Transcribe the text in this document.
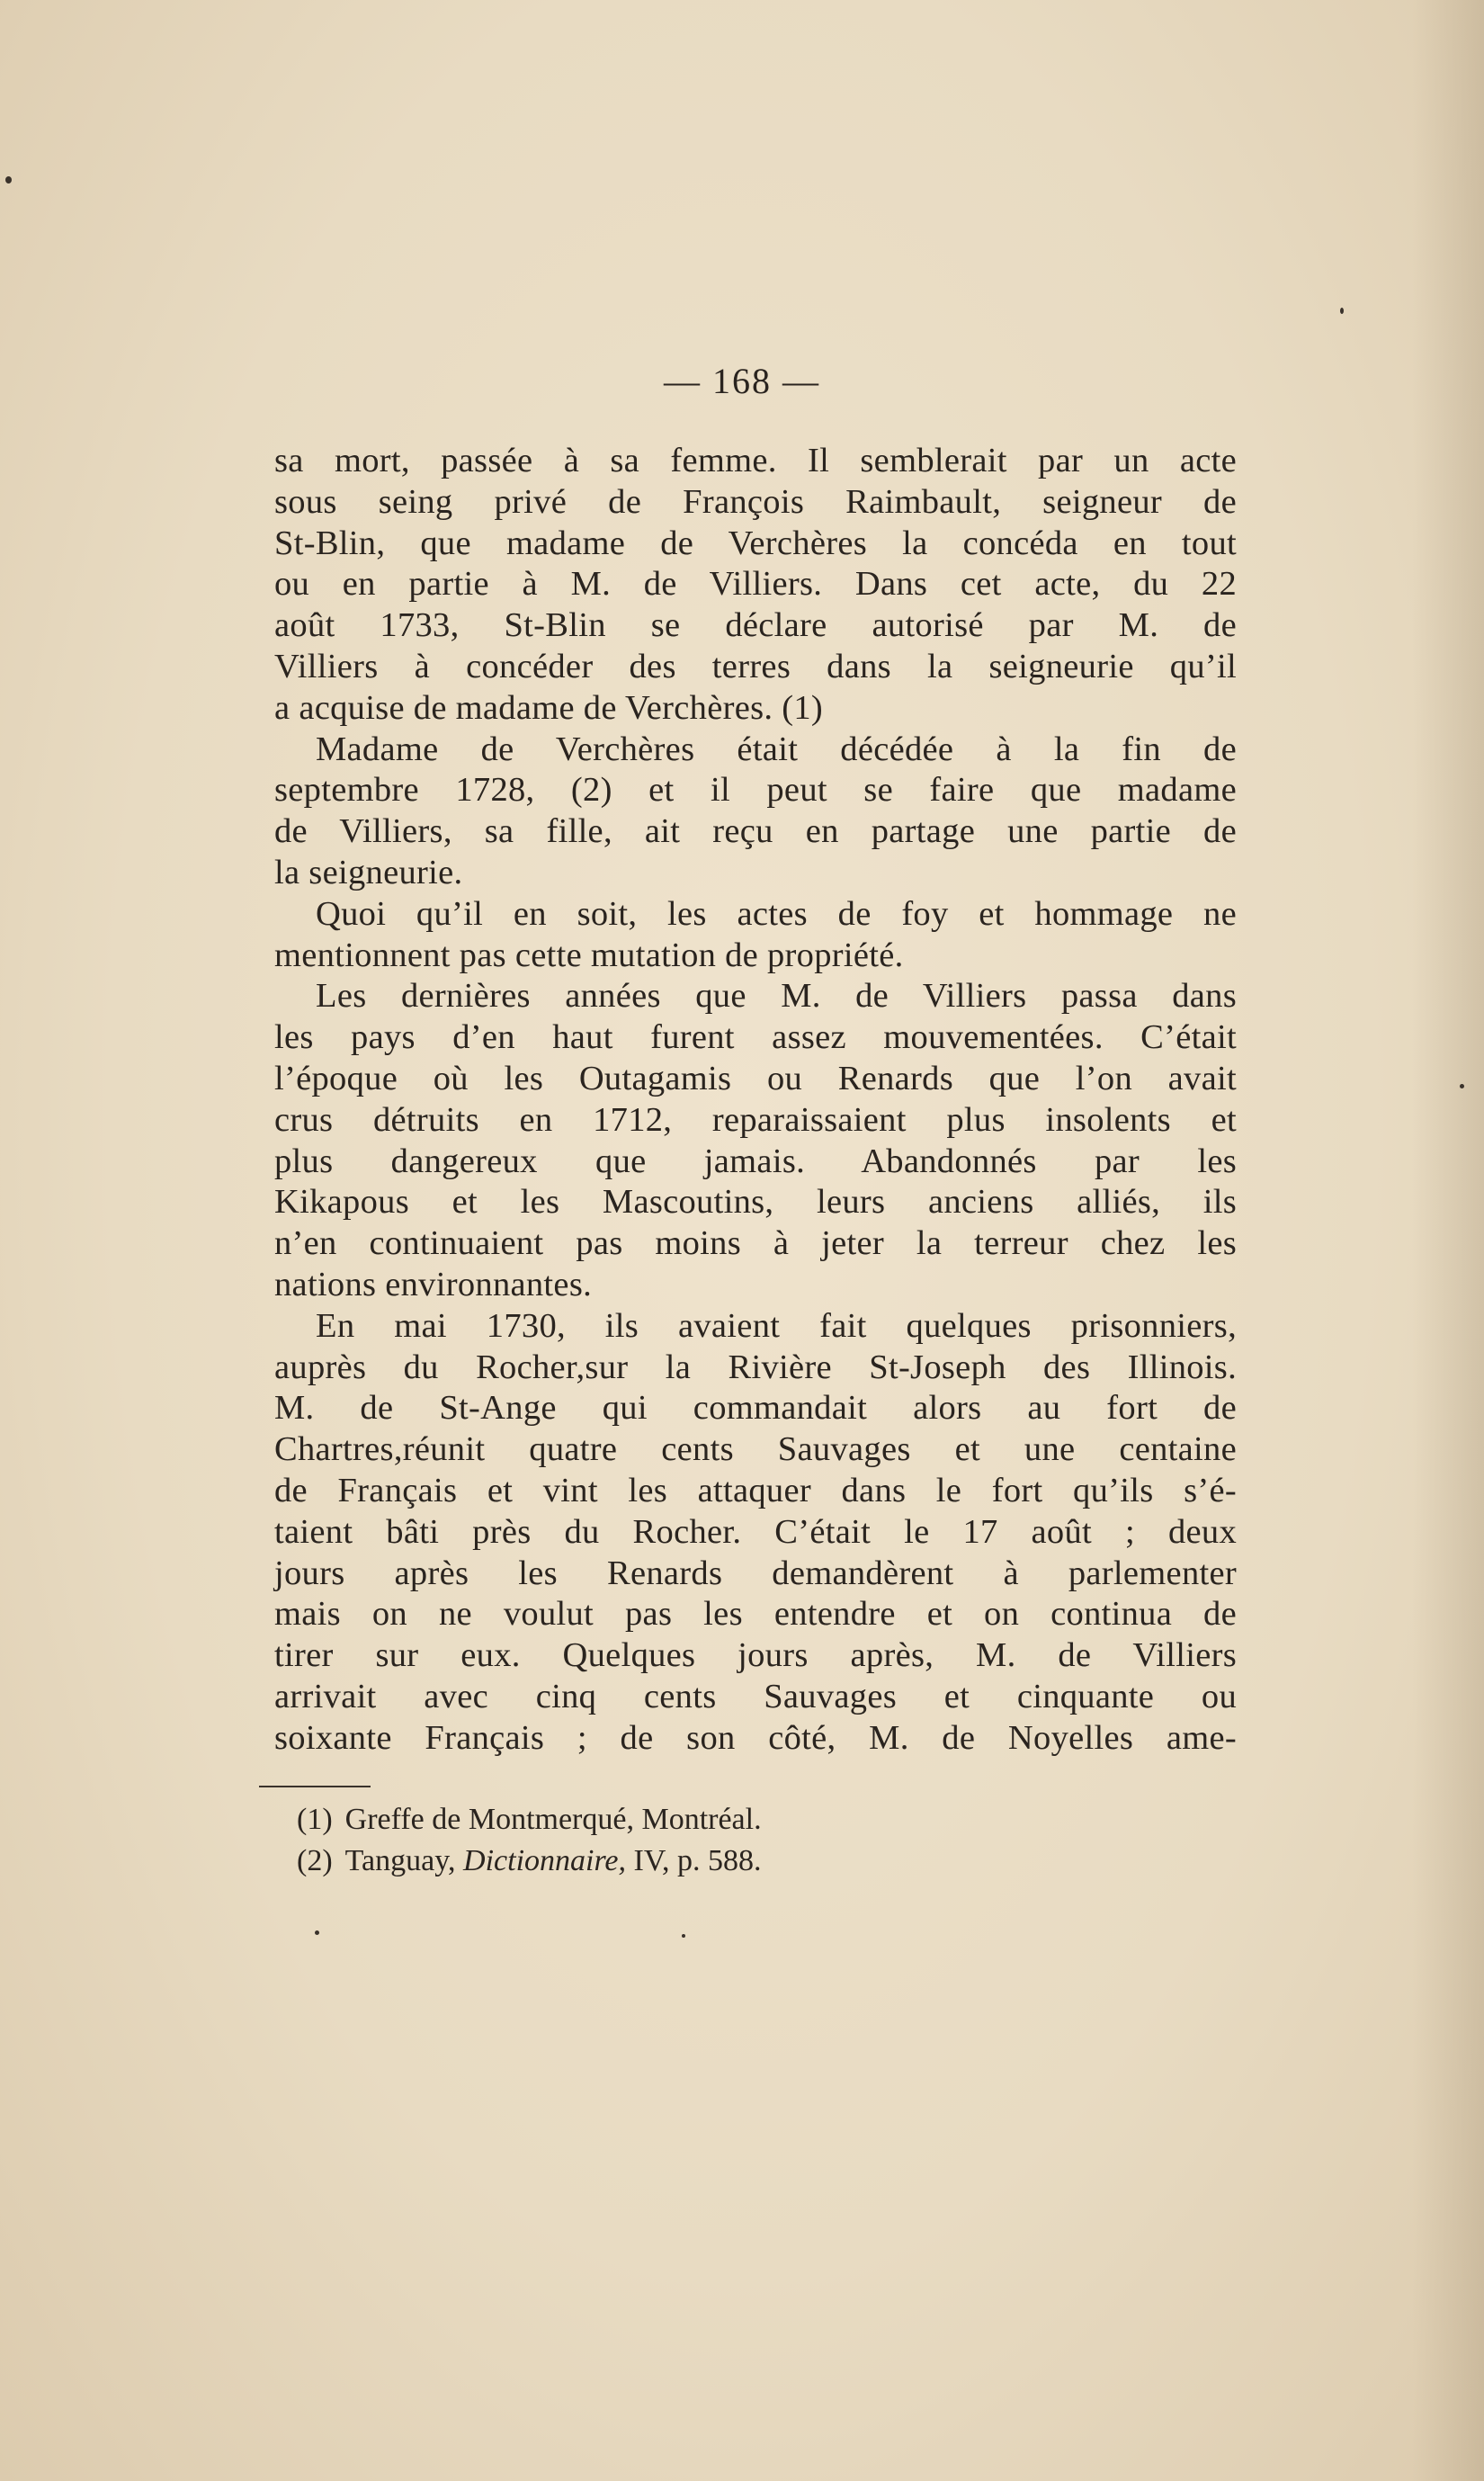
— 168 —
sa mort, passée à sa femme. Il semblerait par un acte
sous seing privé de François Raimbault, seigneur de
St-Blin, que madame de Verchères la concéda en tout
ou en partie à M. de Villiers. Dans cet acte, du 22
août 1733, St-Blin se déclare autorisé par M. de
Villiers à concéder des terres dans la seigneurie qu’il
a acquise de madame de Verchères. (1)
Madame de Verchères était décédée à la fin de
septembre 1728, (2) et il peut se faire que madame
de Villiers, sa fille, ait reçu en partage une partie de
la seigneurie.
Quoi qu’il en soit, les actes de foy et hommage ne
mentionnent pas cette mutation de propriété.
Les dernières années que M. de Villiers passa dans
les pays d’en haut furent assez mouvementées. C’était
l’époque où les Outagamis ou Renards que l’on avait
crus détruits en 1712, reparaissaient plus insolents et
plus dangereux que jamais. Abandonnés par les
Kikapous et les Mascoutins, leurs anciens alliés, ils
n’en continuaient pas moins à jeter la terreur chez les
nations environnantes.
En mai 1730, ils avaient fait quelques prisonniers,
auprès du Rocher,sur la Rivière St-Joseph des Illinois.
M. de St-Ange qui commandait alors au fort de
Chartres,réunit quatre cents Sauvages et une centaine
de Français et vint les attaquer dans le fort qu’ils s’é-
taient bâti près du Rocher. C’était le 17 août ; deux
jours après les Renards demandèrent à parlementer
mais on ne voulut pas les entendre et on continua de
tirer sur eux. Quelques jours après, M. de Villiers
arrivait avec cinq cents Sauvages et cinquante ou
soixante Français ; de son côté, M. de Noyelles ame-
(1) Greffe de Montmerqué, Montréal.
(2) Tanguay, Dictionnaire, IV, p. 588.
